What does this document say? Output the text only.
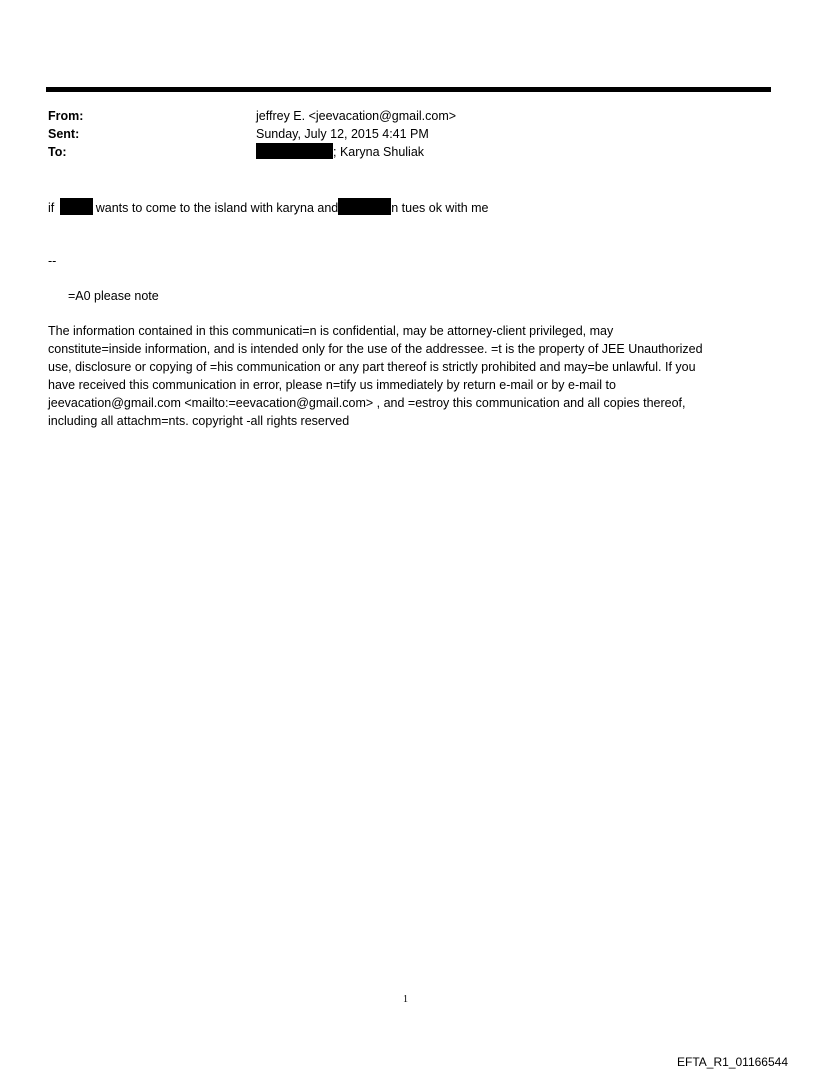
From:	jeffrey E. <jeevacation@gmail.com>
Sent:	Sunday, July 12, 2015 4:41 PM
To:	; Karyna Shuliak
if	wants to come to the island with karyna and	n tues ok with me
--
=A0 please note
The information contained in this communicati=n is confidential, may be attorney-client privileged, may
constitute=inside information, and is intended only for the use of the addressee. =t is the property of JEE Unauthorized
use, disclosure or copying of =his communication or any part thereof is strictly prohibited and may=be unlawful. If you
have received this communication in error, please n=tify us immediately by return e-mail or by e-mail to
jeevacation@gmail.com <mailto:=eevacation@gmail.com> , and =estroy this communication and all copies thereof,
including all attachm=nts. copyright -all rights reserved
1
EFTA_R1_01166544
